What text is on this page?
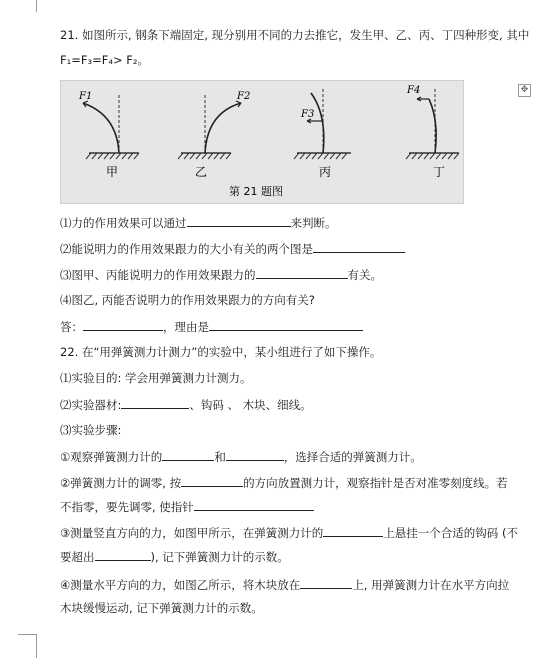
✥
21. 如图所示, 钢条下端固定, 现分别用不同的力去推它，发生甲、乙、丙、丁四种形变, 其中
F₁=F₃=F₄> F₂。
F1
甲
F2
乙
F3
丙
F4
丁
第 21 题图
⑴力的作用效果可以通过	来判断。
⑵能说明力的作用效果跟力的大小有关的两个图是
⑶图甲、丙能说明力的作用效果跟力的	有关。
⑷图乙, 丙能否说明力的作用效果跟力的方向有关?
答：	，理由是
22. 在“用弹簧测力计测力”的实验中，某小组进行了如下操作。
⑴实验目的: 学会用弹簧测力计测力。
⑵实验器材:	、钩码 、 木块、细线。
⑶实验步骤:
①观察弹簧测力计的	和	，选择合适的弹簧测力计。
②弹簧测力计的调零, 按	的方向放置测力计，观察指针是否对准零刻度线。若
不指零，要先调零, 使指针
③测量竖直方向的力，如图甲所示，在弹簧测力计的	上悬挂一个合适的钩码 (不
要超出	), 记下弹簧测力计的示数。
④测量水平方向的力，如图乙所示，将木块放在	上, 用弹簧测力计在水平方向拉
木块缓慢运动, 记下弹簧测力计的示数。
